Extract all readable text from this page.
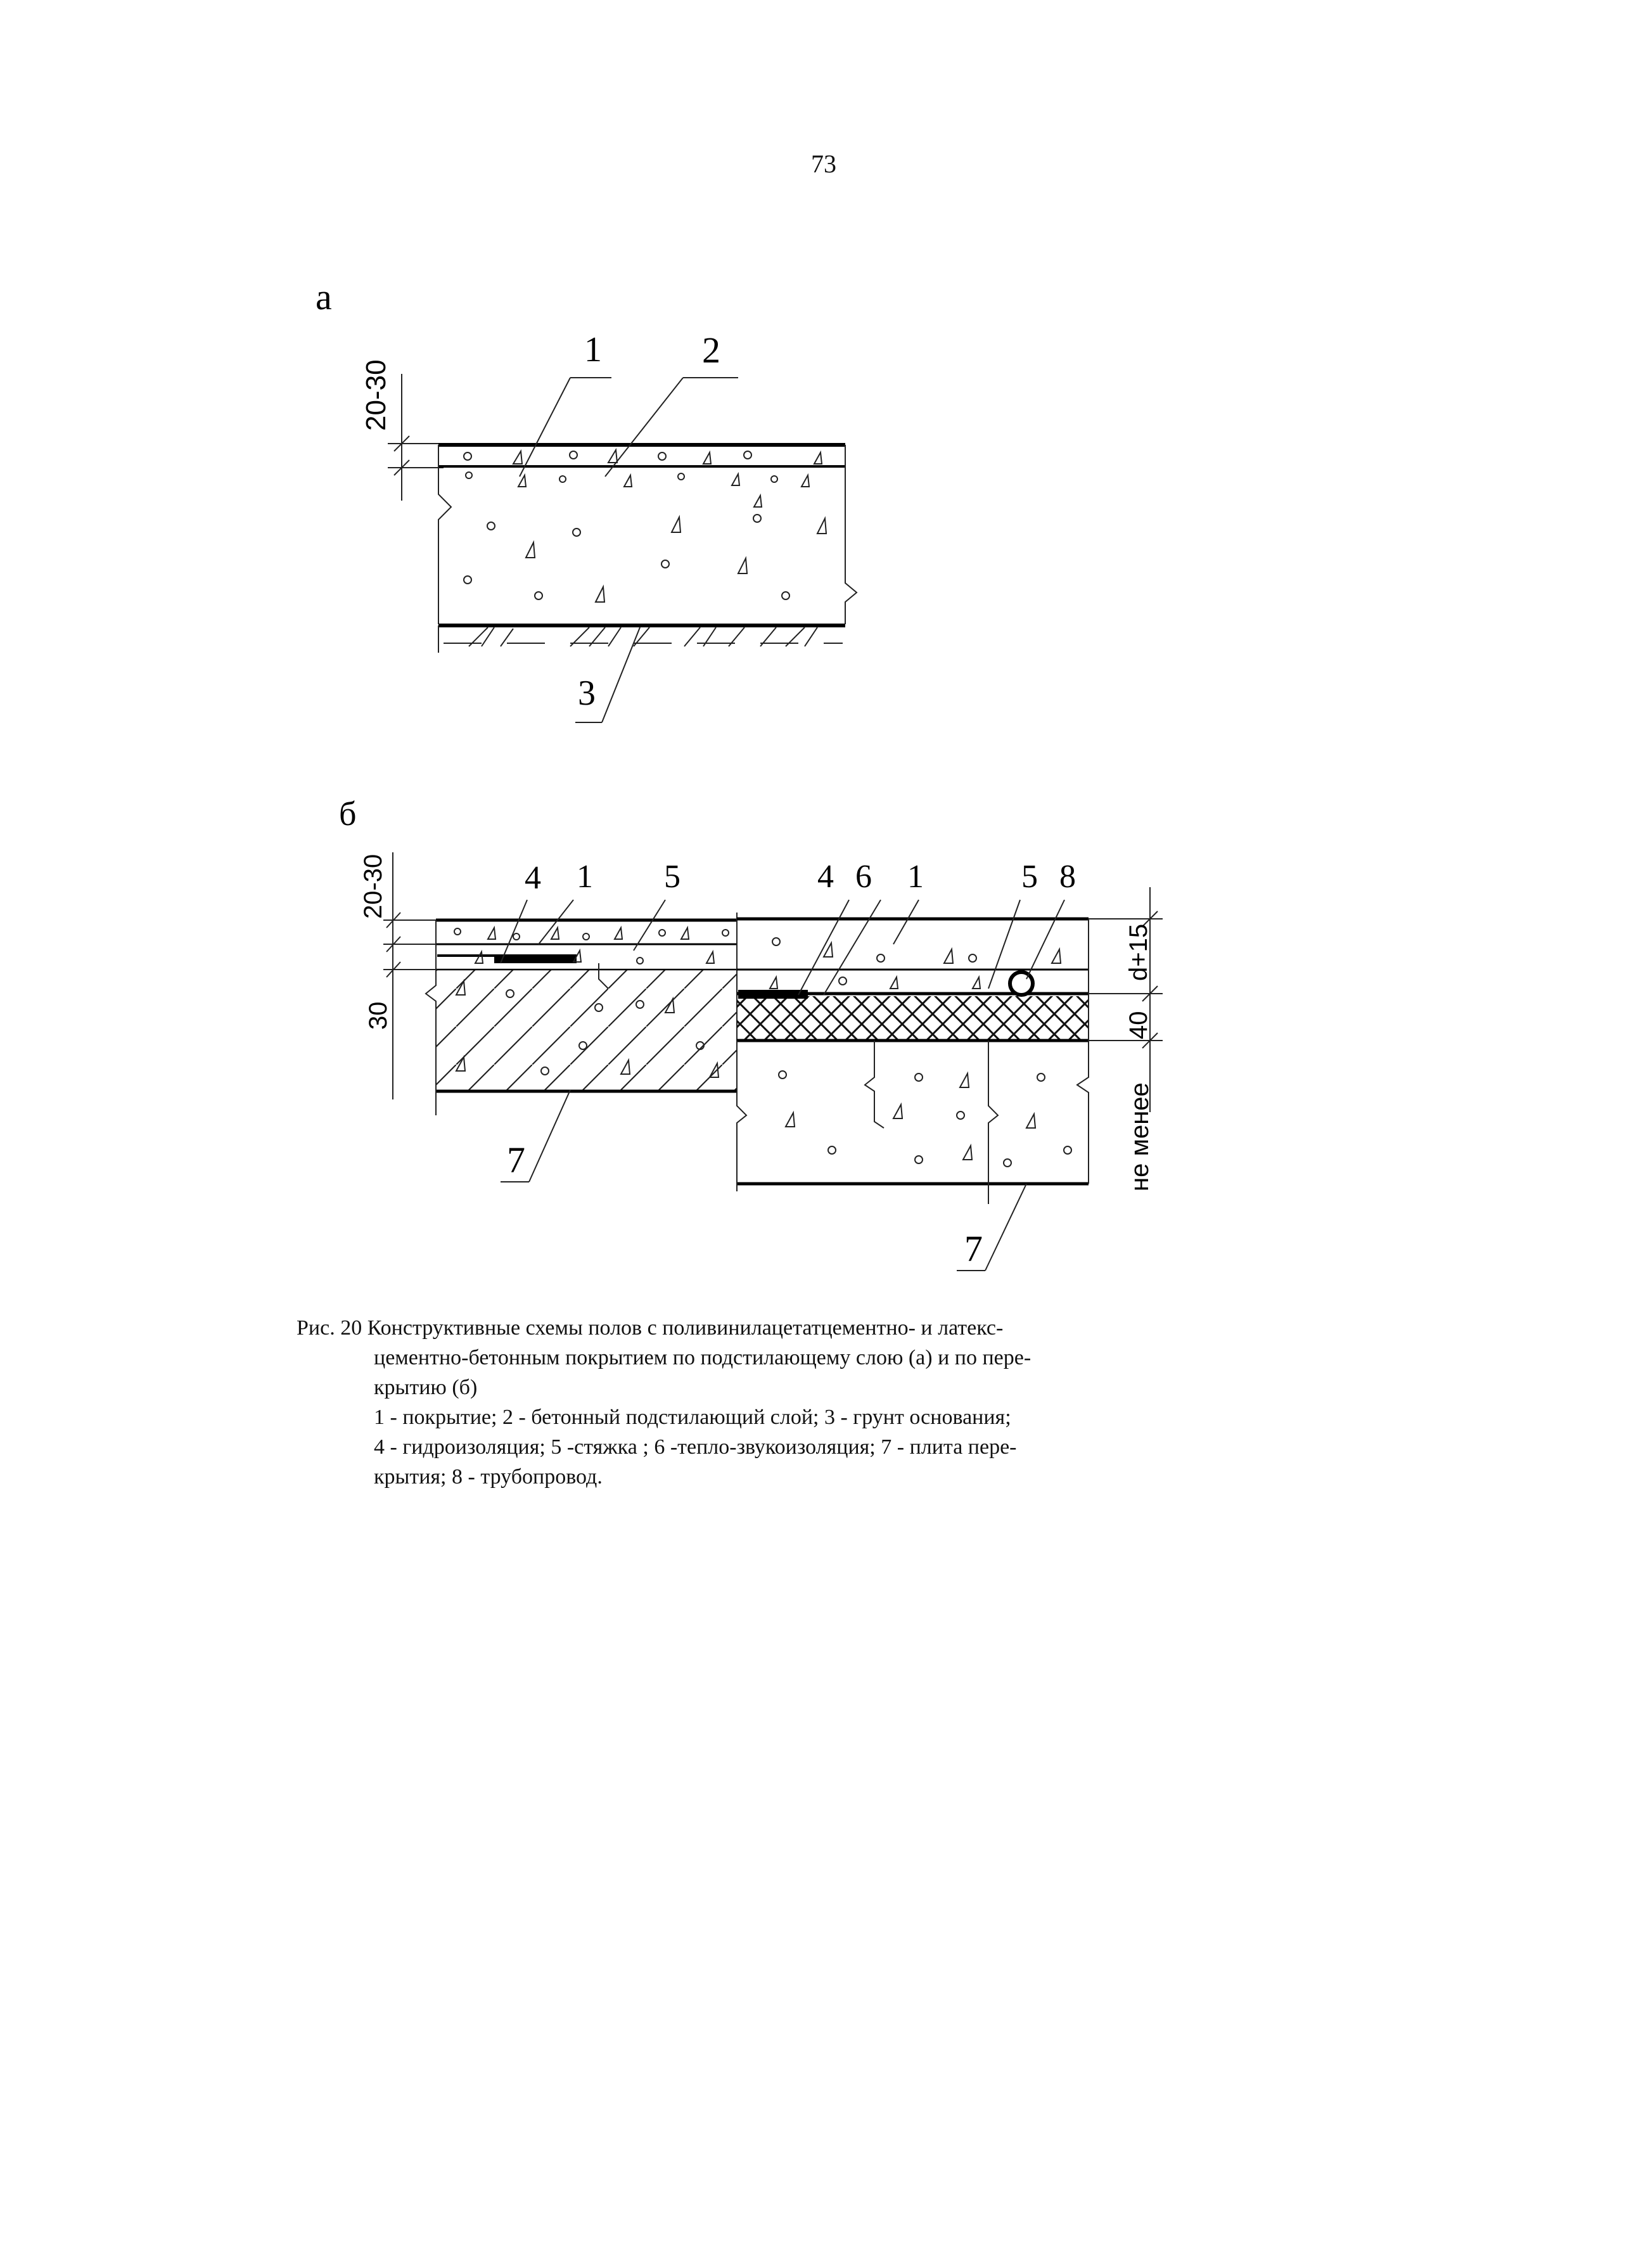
73
а
20-30
1	2
3
б
20-30
30
d+15
40
не менее
4 1 5	4 6 1	5 8
7
7

Рис. 20 Конструктивные схемы полов с поливинилацетатцементно- и латекс-

цементно-бетонным покрытием по подстилающему слою (а) и по пере-

крытию (б)

1 - покрытие; 2 - бетонный подстилающий слой; 3 - грунт основания;

4 - гидроизоляция; 5 -стяжка ; 6 -тепло-звукоизоляция; 7 - плита пере-

крытия; 8 - трубопровод.
